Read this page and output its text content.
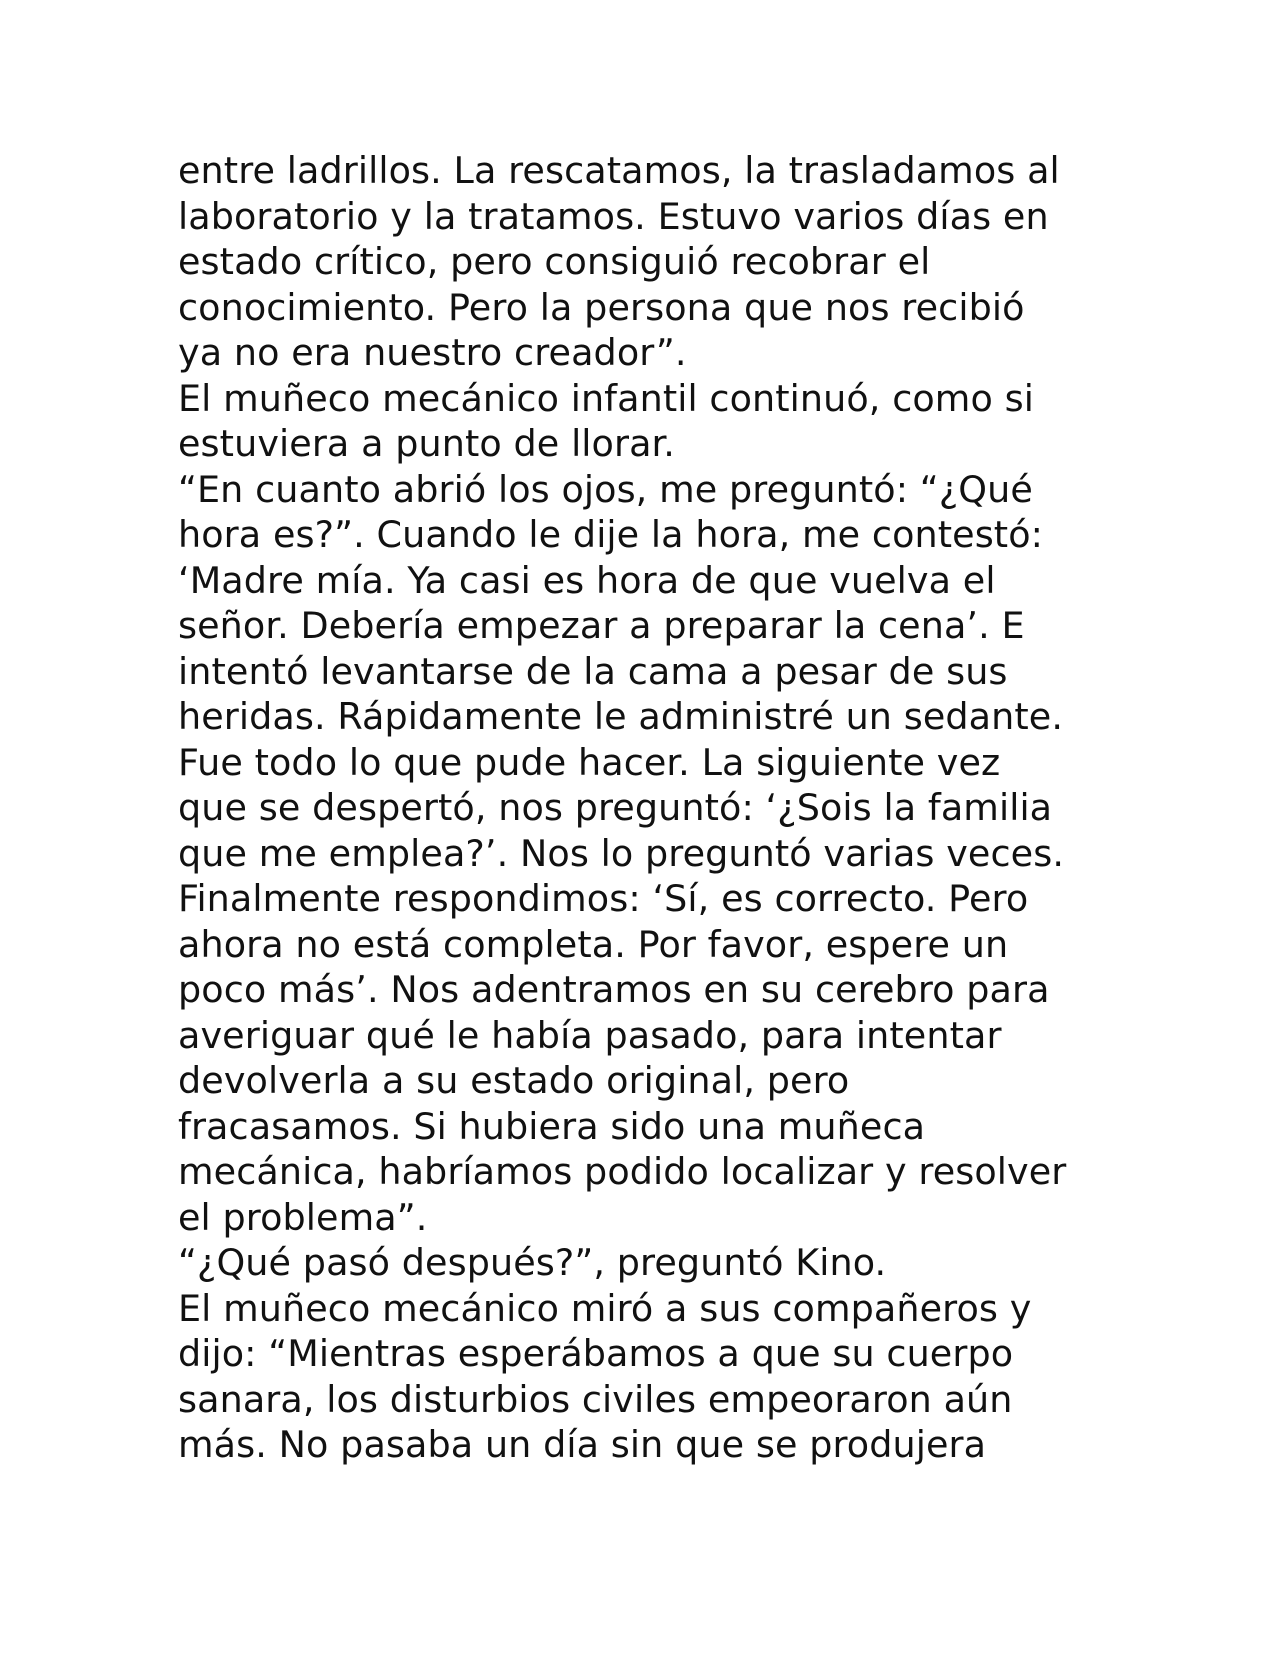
entre ladrillos. La rescatamos, la trasladamos al
laboratorio y la tratamos. Estuvo varios días en
estado crítico, pero consiguió recobrar el
conocimiento. Pero la persona que nos recibió
ya no era nuestro creador”.
El muñeco mecánico infantil continuó, como si
estuviera a punto de llorar.
“En cuanto abrió los ojos, me preguntó: “¿Qué
hora es?”. Cuando le dije la hora, me contestó:
‘Madre mía. Ya casi es hora de que vuelva el
señor. Debería empezar a preparar la cena’. E
intentó levantarse de la cama a pesar de sus
heridas. Rápidamente le administré un sedante.
Fue todo lo que pude hacer. La siguiente vez
que se despertó, nos preguntó: ‘¿Sois la familia
que me emplea?’. Nos lo preguntó varias veces.
Finalmente respondimos: ‘Sí, es correcto. Pero
ahora no está completa. Por favor, espere un
poco más’. Nos adentramos en su cerebro para
averiguar qué le había pasado, para intentar
devolverla a su estado original, pero
fracasamos. Si hubiera sido una muñeca
mecánica, habríamos podido localizar y resolver
el problema”.
“¿Qué pasó después?”, preguntó Kino.
El muñeco mecánico miró a sus compañeros y
dijo: “Mientras esperábamos a que su cuerpo
sanara, los disturbios civiles empeoraron aún
más. No pasaba un día sin que se produjera
